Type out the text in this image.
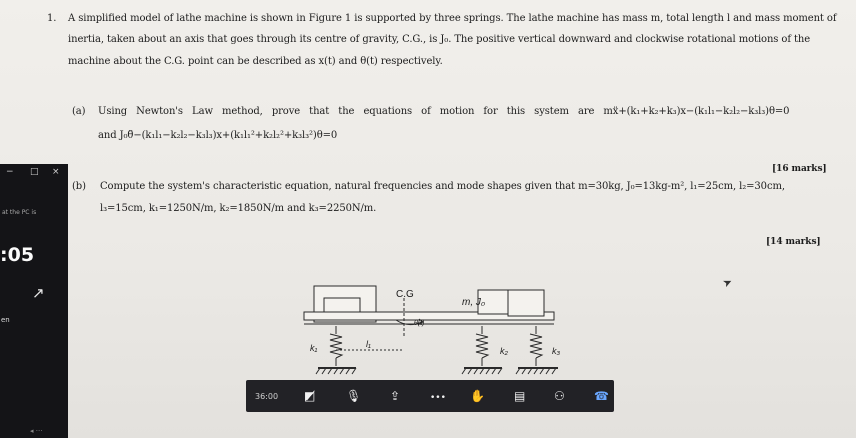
1. A simplified model of lathe machine is shown in Figure 1 is supported by three springs. The lathe machine has mass m, total length l and mass moment of
inertia, taken about an axis that goes through its centre of gravity, C.G., is J₀. The positive vertical downward and clockwise rotational motions of the
machine about the C.G. point can be described as x(t) and θ(t) respectively.
(a) Using Newton's Law method, prove that the equations of motion for this system are mẍ+(k₁+k₂+k₃)x−(k₁l₁−k₂l₂−k₃l₃)θ=0
and J₀θ̈−(k₁l₁−k₂l₂−k₃l₃)x+(k₁l₁²+k₂l₂²+k₃l₃²)θ=0
[16 marks]
(b) Compute the system's characteristic equation, natural frequencies and mode shapes given that m=30kg, J₀=13kg-m², l₁=25cm, l₂=30cm,
l₃=15cm, k₁=1250N/m, k₂=1850N/m and k₃=2250N/m.
[14 marks]
C.G
m, J₀
θ(t)
k₁	l₁
k₂	k₃
➤
− □ ×
at the PC is
:05
↗
en
◂ ···
36:00 ◩̸	🎙 ⇪	••• ✋ ▤ ⚇ ☎
